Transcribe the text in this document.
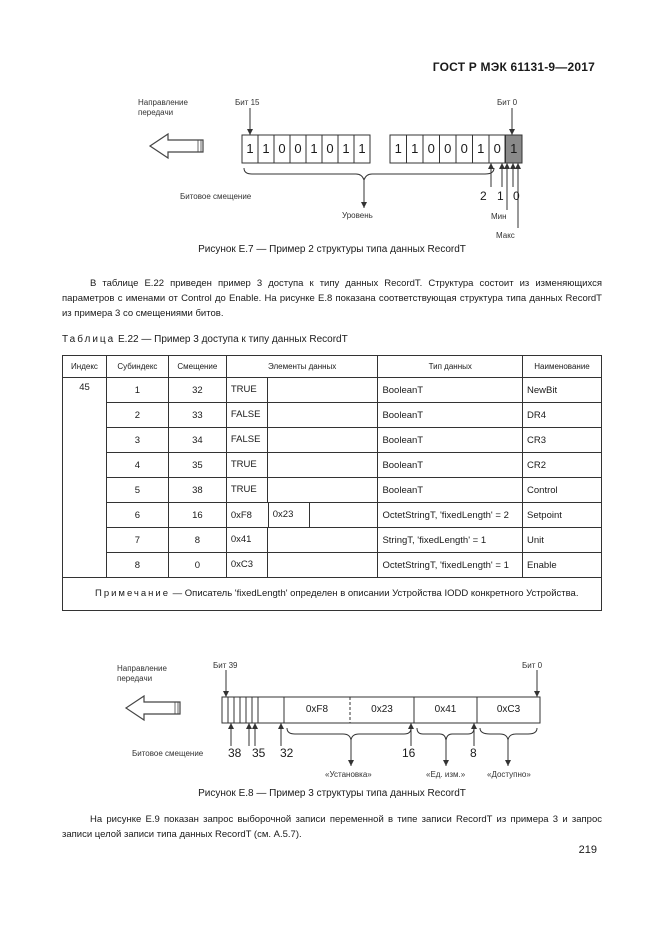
ГОСТ Р МЭК 61131-9—2017
Направление
передачи
Бит 15	Бит 0
1 1 0 0 1 0 1 1	1 1 0 0 0 1 0 1
Битовое смещение
Уровень
2 1 0
Мин
Макс
Рисунок Е.7 — Пример 2 структуры типа данных RecordT
В таблице Е.22 приведен пример 3 доступа к типу данных RecordT. Структура состоит из изменяющихся параметров с именами от Control до Enable. На рисунке Е.8 показана соответствующая структура типа данных RecordT из примера 3 со смещениями битов.
Таблица Е.22 — Пример 3 доступа к типу данных RecordT
Индекс	Субиндекс	Смещение	Элементы данных		Тип данных	Наименование
45	1	32	TRUE		BooleanT	NewBit
	2	33	FALSE		BooleanT	DR4
	3	34	FALSE		BooleanT	CR3
	4	35	TRUE		BooleanT	CR2
	5	38	TRUE		BooleanT	Control
	6	16	0xF8	0x23	OctetStringT, 'fixedLength' = 2	Setpoint
	7	8	0x41		StringT, 'fixedLength' = 1	Unit
	8	0	0xC3		OctetStringT, 'fixedLength' = 1	Enable
Примечание — Описатель 'fixedLength' определен в описании Устройства IODD конкретного Устройства.						
Направление
передачи
Бит 39	Бит 0
0xF8	0x23	0x41	0xC3
Битовое смещение 38 35 32	16	8
«Установка»	«Ед. изм.»	«Доступно»
Рисунок Е.8 — Пример 3 структуры типа данных RecordT
На рисунке Е.9 показан запрос выборочной записи переменной в типе записи RecordT из примера 3 и запрос записи целой записи типа данных RecordT (см. А.5.7).
219
